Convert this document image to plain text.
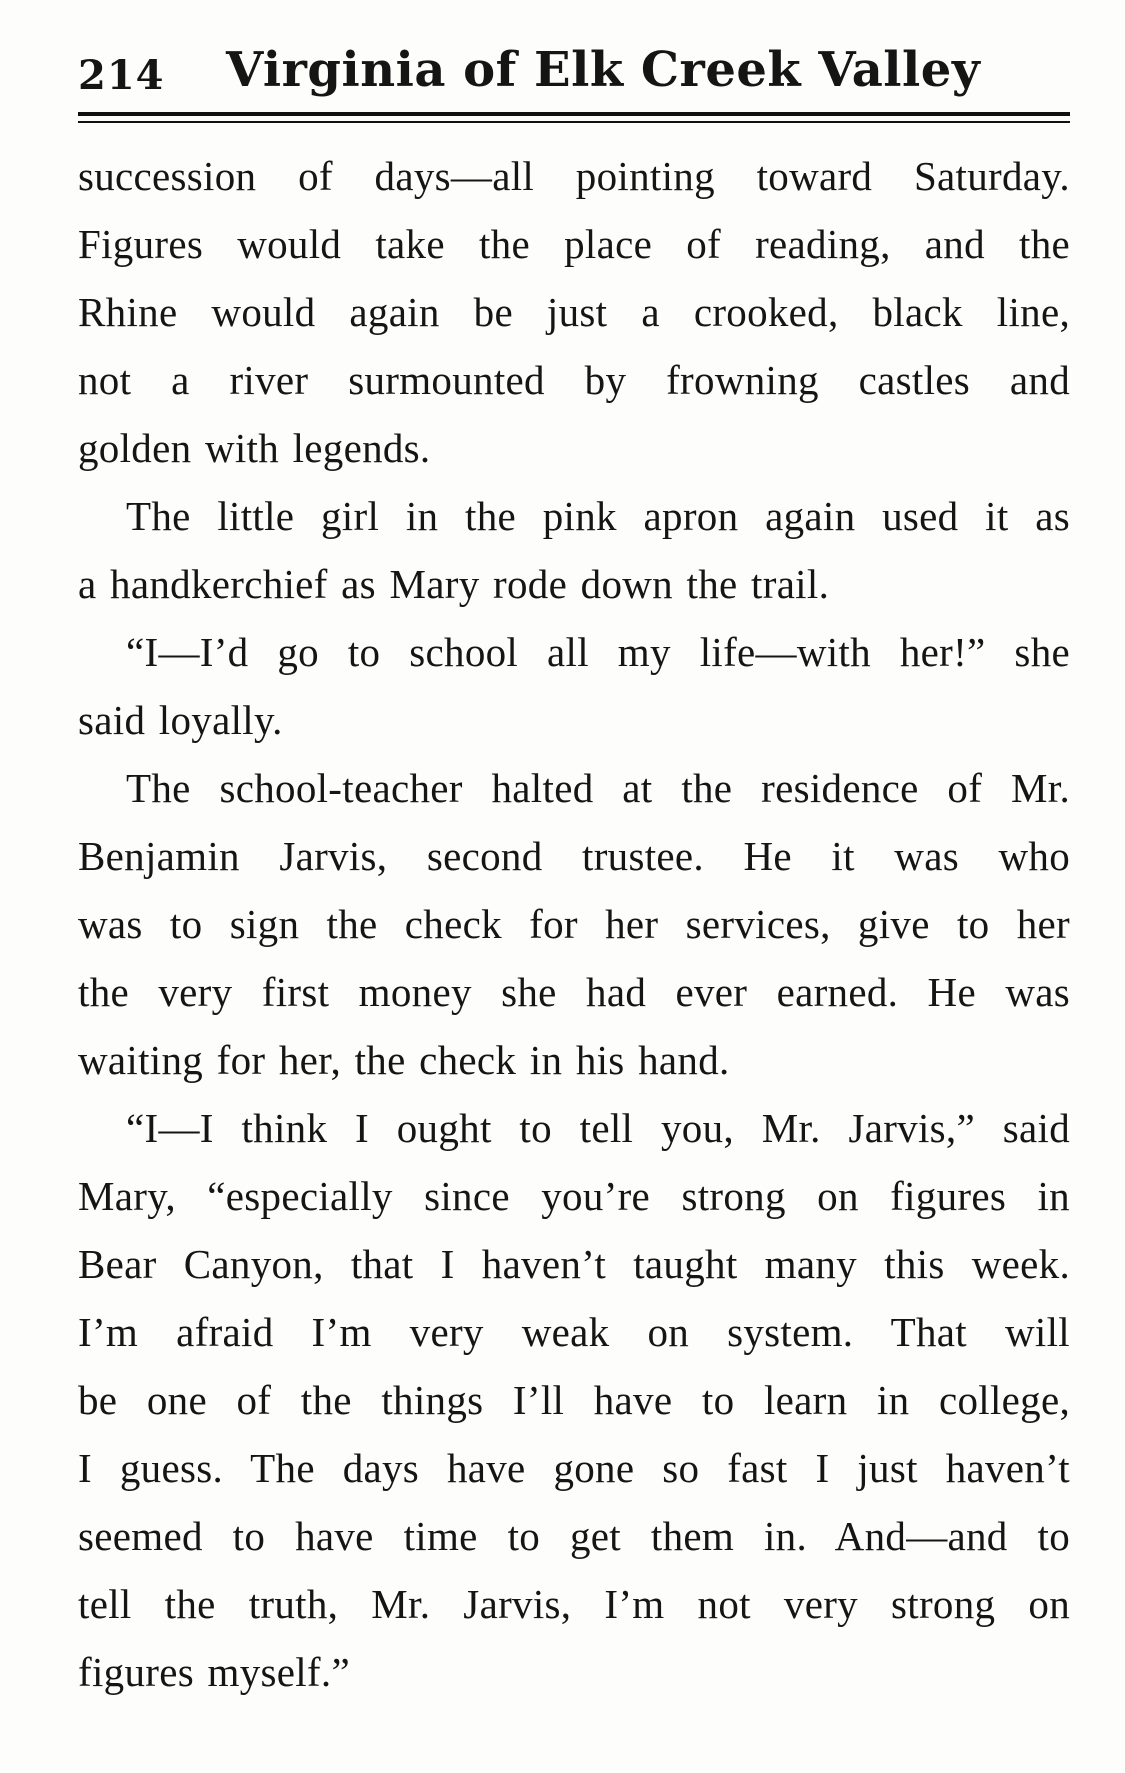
214 Virginia of Elk Creek Valley
succession of days—all pointing toward Saturday.
Figures would take the place of reading, and the
Rhine would again be just a crooked, black line,
not a river surmounted by frowning castles and
golden with legends.
The little girl in the pink apron again used it as
a handkerchief as Mary rode down the trail.
“I—I’d go to school all my life—with her!” she
said loyally.
The school-teacher halted at the residence of Mr.
Benjamin Jarvis, second trustee. He it was who
was to sign the check for her services, give to her
the very first money she had ever earned. He was
waiting for her, the check in his hand.
“I—I think I ought to tell you, Mr. Jarvis,” said
Mary, “especially since you’re strong on figures in
Bear Canyon, that I haven’t taught many this week.
I’m afraid I’m very weak on system. That will
be one of the things I’ll have to learn in college,
I guess. The days have gone so fast I just haven’t
seemed to have time to get them in. And—and to
tell the truth, Mr. Jarvis, I’m not very strong on
figures myself.”
